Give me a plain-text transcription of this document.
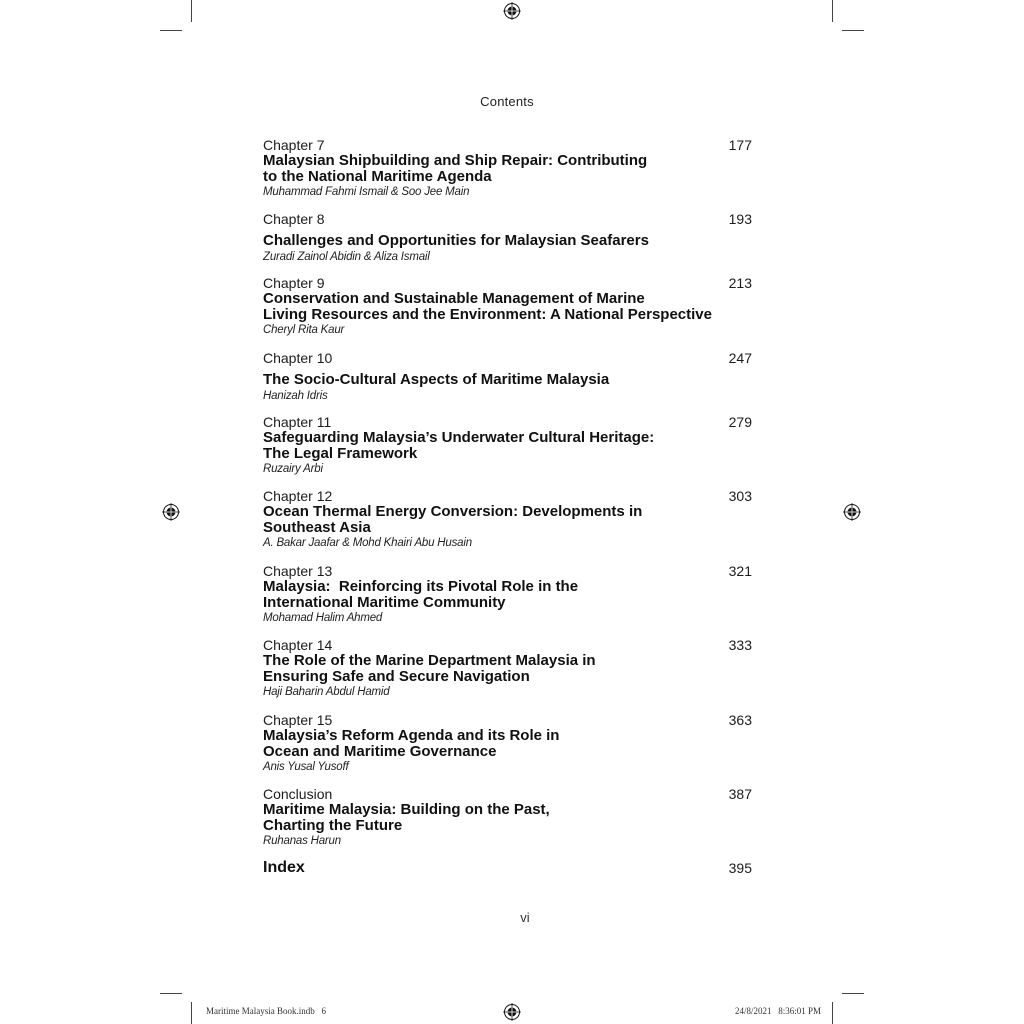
Contents
Chapter 7
Malaysian Shipbuilding and Ship Repair: Contributing
to the National Maritime Agenda
Muhammad Fahmi Ismail & Soo Jee Main
177
Chapter 8
Challenges and Opportunities for Malaysian Seafarers
Zuradi Zainol Abidin & Aliza Ismail
193
Chapter 9
Conservation and Sustainable Management of Marine
Living Resources and the Environment: A National Perspective
Cheryl Rita Kaur
213
Chapter 10
The Socio-Cultural Aspects of Maritime Malaysia
Hanizah Idris
247
Chapter 11
Safeguarding Malaysia’s Underwater Cultural Heritage:
The Legal Framework
Ruzairy Arbi
279
Chapter 12
Ocean Thermal Energy Conversion: Developments in
Southeast Asia
A. Bakar Jaafar & Mohd Khairi Abu Husain
303
Chapter 13
Malaysia:  Reinforcing its Pivotal Role in the
International Maritime Community
Mohamad Halim Ahmed
321
Chapter 14
The Role of the Marine Department Malaysia in
Ensuring Safe and Secure Navigation
Haji Baharin Abdul Hamid
333
Chapter 15
Malaysia’s Reform Agenda and its Role in
Ocean and Maritime Governance
Anis Yusal Yusoff
363
Conclusion
Maritime Malaysia: Building on the Past,
Charting the Future
Ruhanas Harun
387
Index	395
vi
Maritime Malaysia Book.indb   6	24/8/2021   8:36:01 PM
